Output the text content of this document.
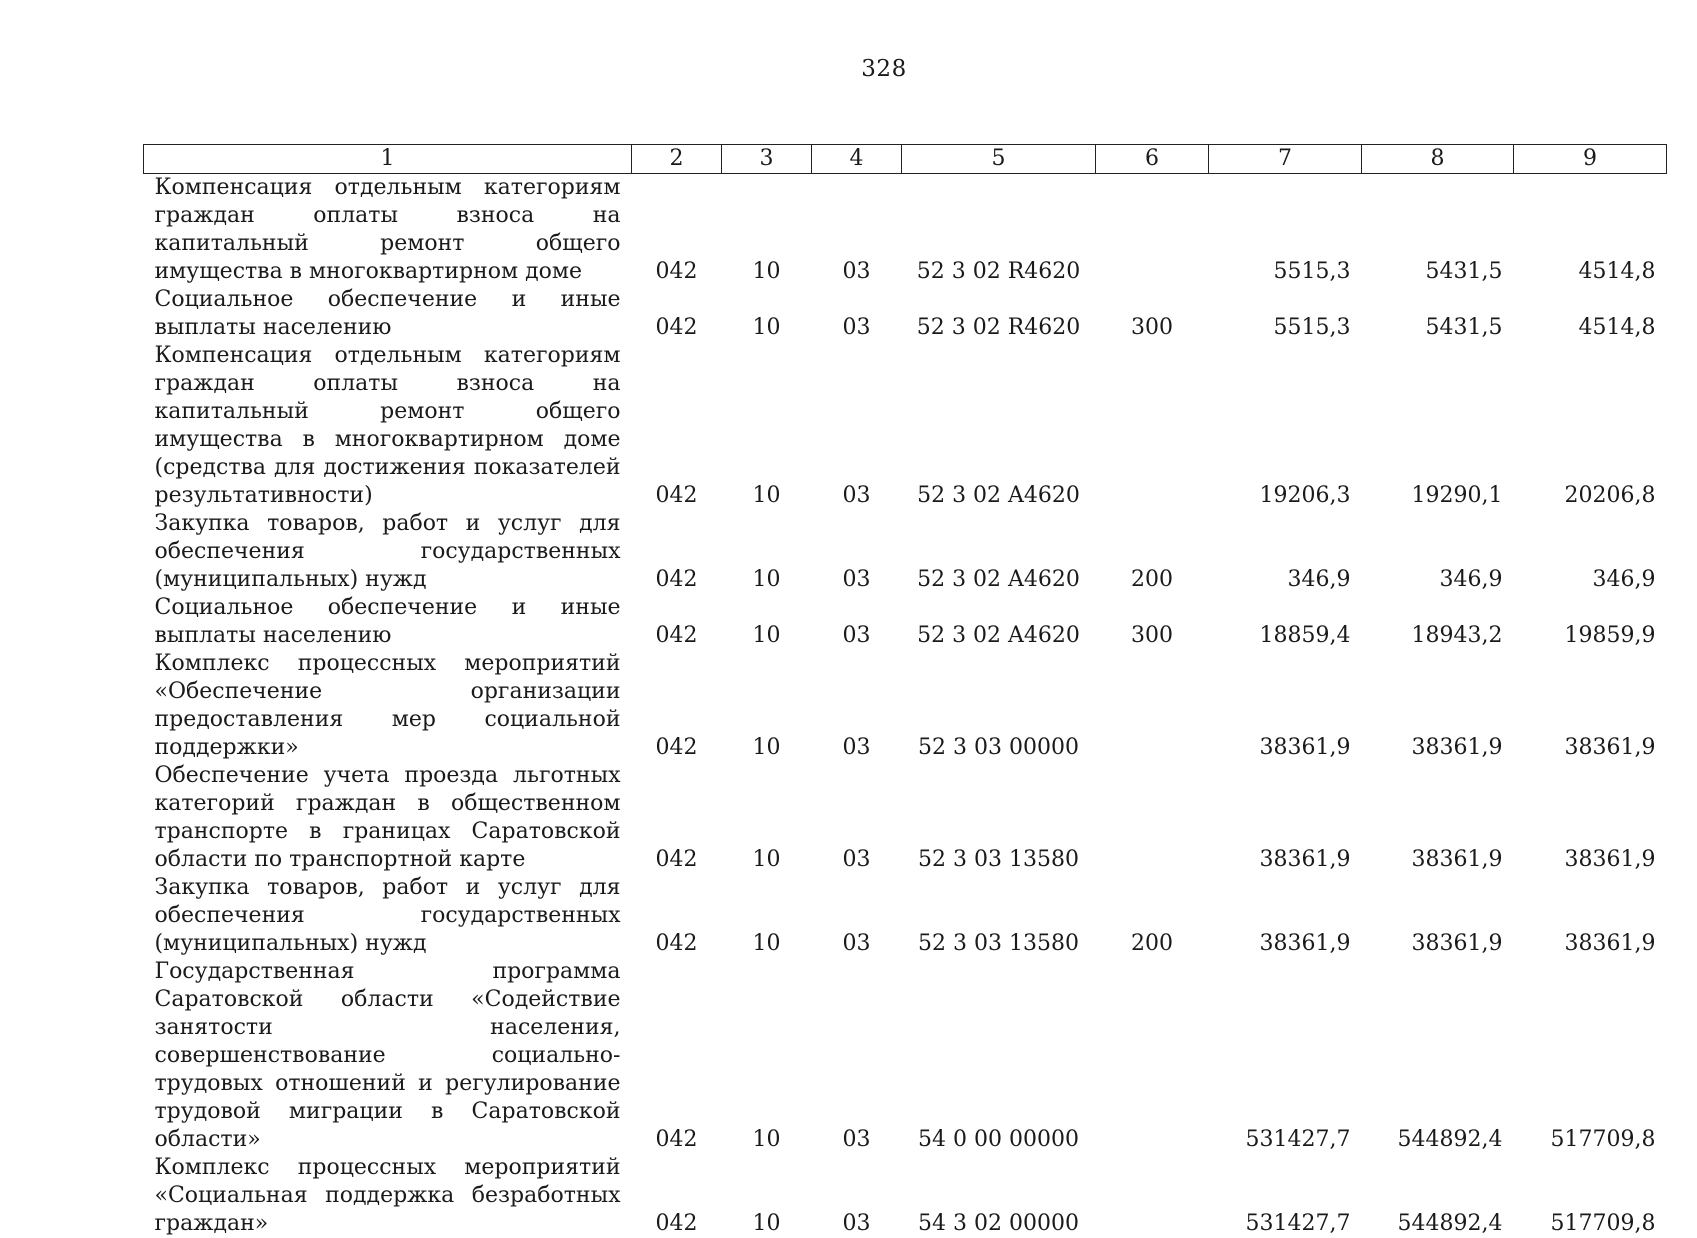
328
1	2	3	4	5	6	7	8	9
Компенсация отдельным категориям граждан оплаты взноса на капитальный ремонт общего имущества в многоквартирном доме	042	10	03	52 3 02 R4620		5515,3	5431,5	4514,8
Социальное обеспечение и иные выплаты населению	042	10	03	52 3 02 R4620	300	5515,3	5431,5	4514,8
Компенсация отдельным категориям граждан оплаты взноса на капитальный ремонт общего имущества в многоквартирном доме (средства для достижения показателей результативности)	042	10	03	52 3 02 A4620		19206,3	19290,1	20206,8
Закупка товаров, работ и услуг для обеспечения государственных (муниципальных) нужд	042	10	03	52 3 02 A4620	200	346,9	346,9	346,9
Социальное обеспечение и иные выплаты населению	042	10	03	52 3 02 A4620	300	18859,4	18943,2	19859,9
Комплекс процессных мероприятий «Обеспечение организации предоставления мер социальной поддержки»	042	10	03	52 3 03 00000		38361,9	38361,9	38361,9
Обеспечение учета проезда льготных категорий граждан в общественном транспорте в границах Саратовской области по транспортной карте	042	10	03	52 3 03 13580		38361,9	38361,9	38361,9
Закупка товаров, работ и услуг для обеспечения государственных (муниципальных) нужд	042	10	03	52 3 03 13580	200	38361,9	38361,9	38361,9
Государственная программа Саратовской области «Содействие занятости населения, совершенствование социально-трудовых отношений и регулирование трудовой миграции в Саратовской области»	042	10	03	54 0 00 00000		531427,7	544892,4	517709,8
Комплекс процессных мероприятий «Социальная поддержка безработных граждан»	042	10	03	54 3 02 00000		531427,7	544892,4	517709,8
